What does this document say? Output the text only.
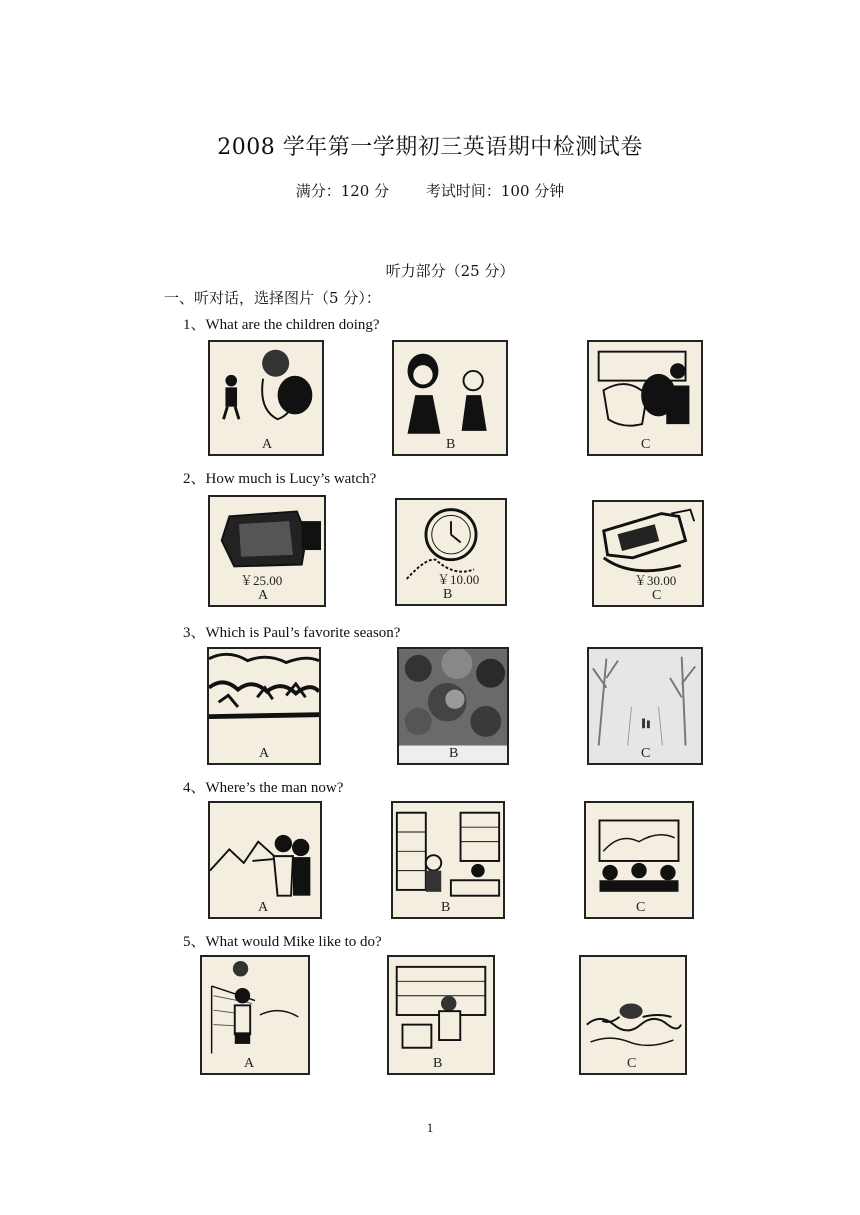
2008 学年第一学期初三英语期中检测试卷
满分：120 分 考试时间：100 分钟
听力部分（25 分）
一、听对话，选择图片（5 分）：
1、What are the children doing?
A	B	C
2、How much is Lucy’s watch?
￥25.00
A
￥10.00
B
￥30.00
C
3、Which is Paul’s favorite season?
A	B	C
4、Where’s the man now?
A	B	C
5、What would Mike like to do?
A	B	C
1
